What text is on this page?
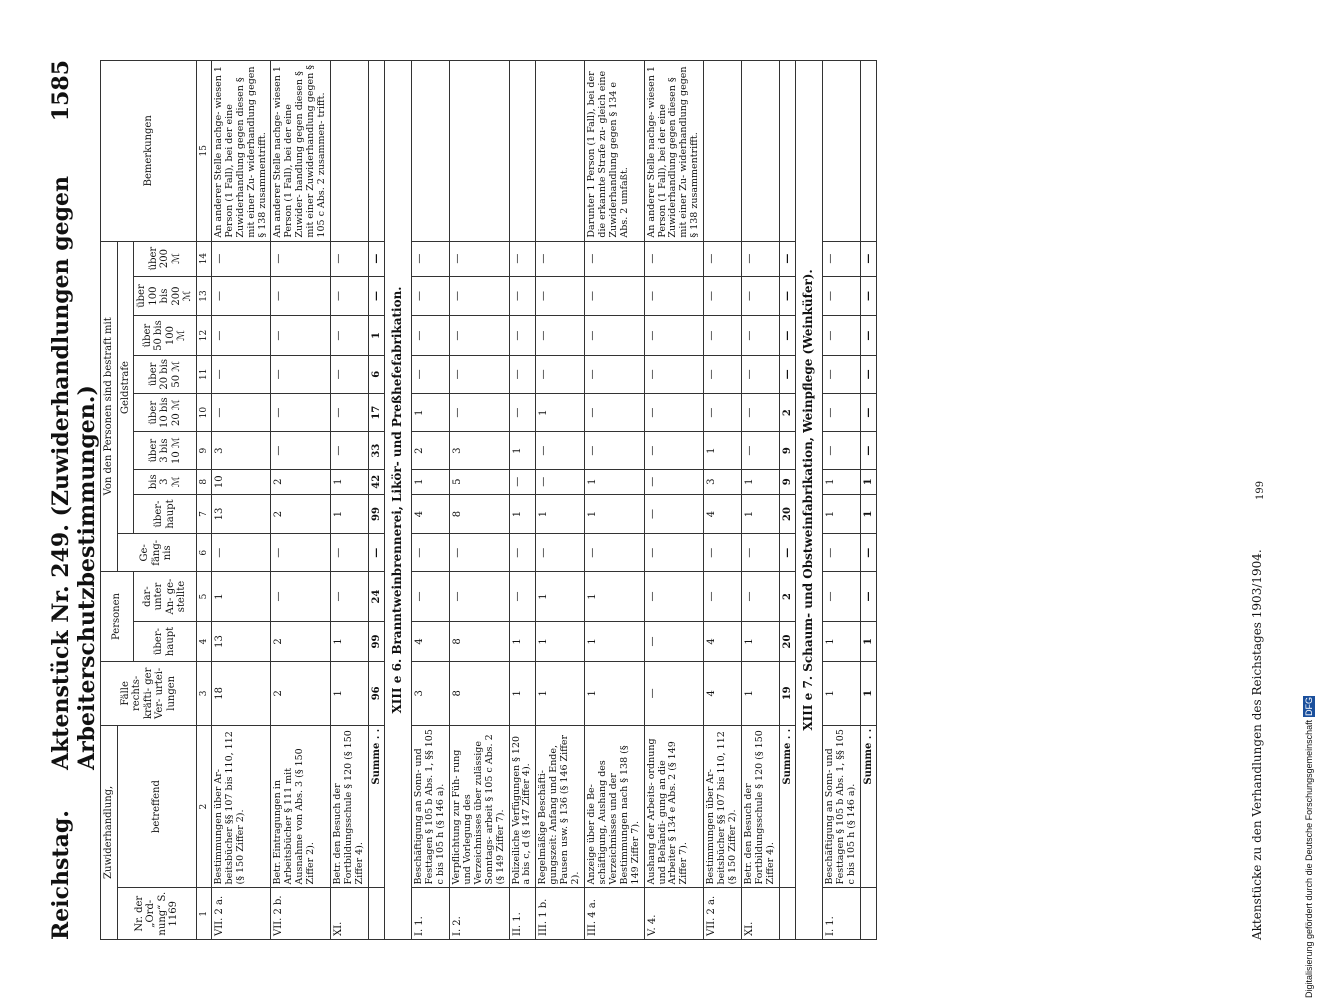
Reichstag.
Aktenstück Nr. 249. (Zuwiderhandlungen gegen Arbeiterschutzbestimmungen.)
1585
Zuwiderhandlung,		Fälle rechts- kräfti- ger Ver- urtei- lungen	Personen		Von den Personen sind bestraft mit									Bemerkungen
Nr. der „Ord- nung“ S. 1169	betreffend				Ge- fäng- nis	Geldstrafe								
			über- haupt	dar- unter An- ge- stellte		über- haupt	bis 3 ℳ	über 3 bis 10 ℳ	über 10 bis 20 ℳ	über 20 bis 50 ℳ	über 50 bis 100 ℳ	über 100 bis 200 ℳ	über 200 ℳ	
1	2	3	4	5	6	7	8	9	10	11	12	13	14	15
VII. 2 a.	Bestimmungen über Ar- beitsbücher §§ 107 bis 110, 112 (§ 150 Ziffer 2).	18	13	1	—	13	10	3	—	—	—	—	—	An anderer Stelle nachge- wiesen 1 Person (1 Fall), bei der eine Zuwiderhandlung gegen diesen § mit einer Zu- widerhandlung gegen § 138 zusammentrifft.
VII. 2 b.	Betr. Eintragungen in Arbeitsbücher § 111 mit Ausnahme von Abs. 3 (§ 150 Ziffer 2).	2	2	—	—	2	2	—	—	—	—	—	—	An anderer Stelle nachge- wiesen 1 Person (1 Fall), bei der eine Zuwider- handlung gegen diesen § mit einer Zuwiderhandlung gegen § 105 c Abs. 2 zusammen- trifft.
XI.	Betr. den Besuch der Fortbildungsschule § 120 (§ 150 Ziffer 4).	1	1	—	—	1	1	—	—	—	—	—	—	
	Summe . .	96	99	24	—	99	42	33	17	6	1	—	—	
XIII e 6. Branntweinbrennerei, Likör- und Preßhefefabrikation.														
I. 1.	Beschäftigung an Sonn- und Festtagen § 105 b Abs. 1, §§ 105 c bis 105 h (§ 146 a).	3	4	—	—	4	1	2	1	—	—	—	—	
I. 2.	Verpflichtung zur Füh- rung und Vorlegung des Verzeichnisses über zulässige Sonntags- arbeit § 105 c Abs. 2 (§ 149 Ziffer 7).	8	8	—	—	8	5	3	—	—	—	—	—	
II. 1.	Polizeiliche Verfügungen § 120 a bis c, d (§ 147 Ziffer 4).	1	1	—	—	1	—	1	—	—	—	—	—	
III. 1 b.	Regelmäßige Beschäfti- gungszeit: Anfang und Ende, Pausen usw. § 136 (§ 146 Ziffer 2).	1	1	1	—	1	—	—	1	—	—	—	—	
III. 4 a.	Anzeige über die Be- schäftigung, Aushang des Verzeichnisses und der Bestimmungen nach § 138 (§ 149 Ziffer 7).	1	1	1	—	1	1	—	—	—	—	—	—	Darunter 1 Person (1 Fall), bei der die erkannte Strafe zu- gleich eine Zuwiderhandlung gegen § 134 e Abs. 2 umfaßt.
V. 4.	Aushang der Arbeits- ordnung und Behändi- gung an die Arbeiter § 134 e Abs. 2 (§ 149 Ziffer 7).	—	—	—	—	—	—	—	—	—	—	—	—	An anderer Stelle nachge- wiesen 1 Person (1 Fall), bei der eine Zuwiderhandlung gegen diesen § mit einer Zu- widerhandlung gegen § 138 zusammentrifft.
VII. 2 a.	Bestimmungen über Ar- beitsbücher §§ 107 bis 110, 112 (§ 150 Ziffer 2).	4	4	—	—	4	3	1	—	—	—	—	—	
XI.	Betr. den Besuch der Fortbildungsschule § 120 (§ 150 Ziffer 4).	1	1	—	—	1	1	—	—	—	—	—	—	
	Summe . .	19	20	2	—	20	9	9	2	—	—	—	—	
XIII e 7. Schaum- und Obstweinfabrikation, Weinpflege (Weinküfer).														
I. 1.	Beschäftigung an Sonn- und Festtagen § 105 b Abs. 1, §§ 105 c bis 105 h (§ 146 a).	1	1	—	—	1	1	—	—	—	—	—	—	
	Summe . .	1	1	—	—	1	1	—	—	—	—	—	—	
Aktenstücke zu den Verhandlungen des Reichstages 1903/1904.
199
Digitalisierung gefördert durch die Deutsche Forschungsgemeinschaft DFG
